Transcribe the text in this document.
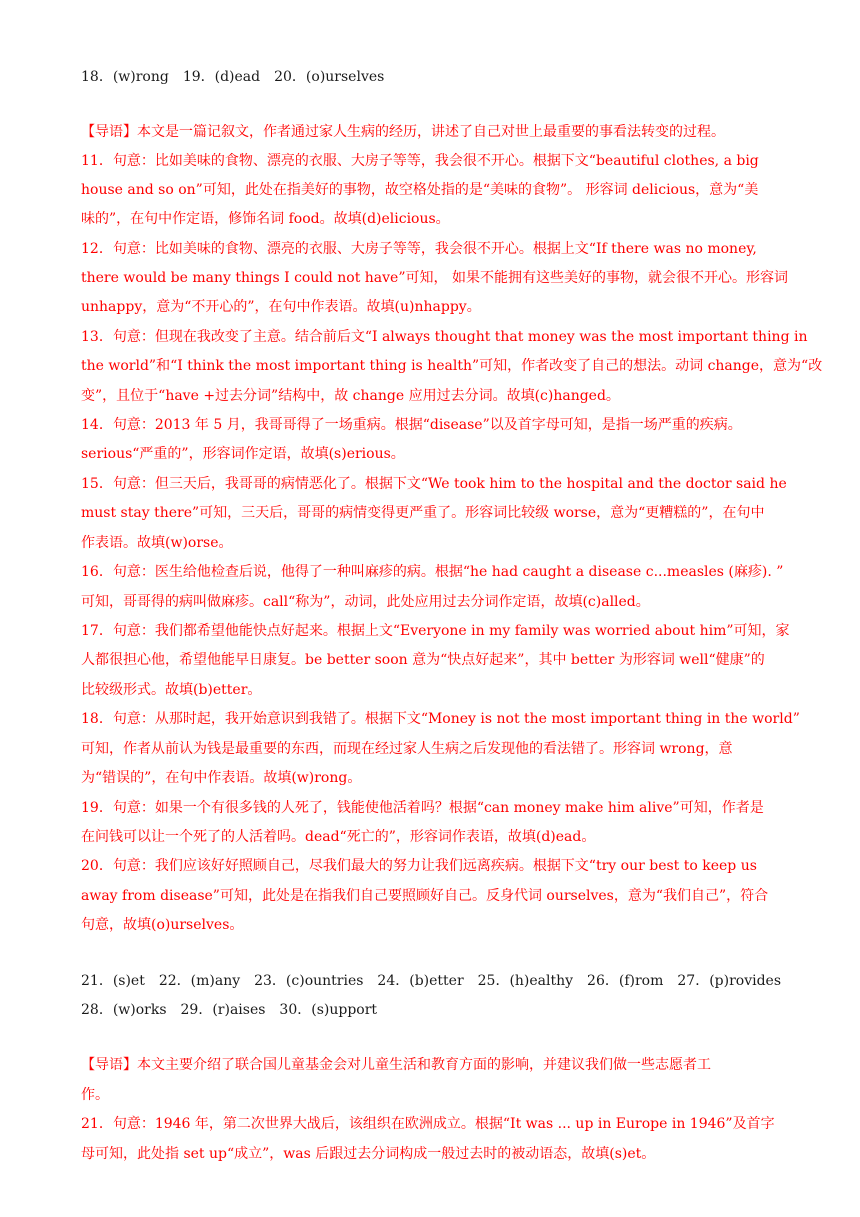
18．(w)rong　19．(d)ead　20．(o)urselves
【导语】本文是一篇记叙文，作者通过家人生病的经历，讲述了自己对世上最重要的事看法转变的过程。
11．句意：比如美味的食物、漂亮的衣服、大房子等等，我会很不开心。根据下文“beautiful clothes, a big
house and so on”可知，此处在指美好的事物，故空格处指的是“美味的食物”。 形容词 delicious，意为“美
味的”，在句中作定语，修饰名词 food。故填(d)elicious。
12．句意：比如美味的食物、漂亮的衣服、大房子等等，我会很不开心。根据上文“If there was no money,
there would be many things I could not have”可知， 如果不能拥有这些美好的事物，就会很不开心。形容词
unhappy，意为“不开心的”，在句中作表语。故填(u)nhappy。
13．句意：但现在我改变了主意。结合前后文“I always thought that money was the most important thing in
the world”和“I think the most important thing is health”可知，作者改变了自己的想法。动词 change，意为“改
变”，且位于“have +过去分词”结构中，故 change 应用过去分词。故填(c)hanged。
14．句意：2013 年 5 月，我哥哥得了一场重病。根据“disease”以及首字母可知，是指一场严重的疾病。
serious“严重的”，形容词作定语，故填(s)erious。
15．句意：但三天后，我哥哥的病情恶化了。根据下文“We took him to the hospital and the doctor said he
must stay there”可知，三天后，哥哥的病情变得更严重了。形容词比较级 worse，意为“更糟糕的”，在句中
作表语。故填(w)orse。
16．句意：医生给他检查后说，他得了一种叫麻疹的病。根据“he had caught a disease c...measles (麻疹). ”
可知，哥哥得的病叫做麻疹。call“称为”，动词，此处应用过去分词作定语，故填(c)alled。
17．句意：我们都希望他能快点好起来。根据上文“Everyone in my family was worried about him”可知，家
人都很担心他，希望他能早日康复。be better soon 意为“快点好起来”，其中 better 为形容词 well“健康”的
比较级形式。故填(b)etter。
18．句意：从那时起，我开始意识到我错了。根据下文“Money is not the most important thing in the world”
可知，作者从前认为钱是最重要的东西，而现在经过家人生病之后发现他的看法错了。形容词 wrong，意
为“错误的”，在句中作表语。故填(w)rong。
19．句意：如果一个有很多钱的人死了，钱能使他活着吗？根据“can money make him alive”可知，作者是
在问钱可以让一个死了的人活着吗。dead“死亡的”，形容词作表语，故填(d)ead。
20．句意：我们应该好好照顾自己，尽我们最大的努力让我们远离疾病。根据下文“try our best to keep us
away from disease”可知，此处是在指我们自己要照顾好自己。反身代词 ourselves，意为“我们自己”，符合
句意，故填(o)urselves。
21．(s)et　22．(m)any　23．(c)ountries　24．(b)etter　25．(h)ealthy　26．(f)rom　27．(p)rovides
28．(w)orks　29．(r)aises　30．(s)upport
【导语】本文主要介绍了联合国儿童基金会对儿童生活和教育方面的影响，并建议我们做一些志愿者工
作。
21．句意：1946 年，第二次世界大战后，该组织在欧洲成立。根据“It was ... up in Europe in 1946”及首字
母可知，此处指 set up“成立”，was 后跟过去分词构成一般过去时的被动语态，故填(s)et。
